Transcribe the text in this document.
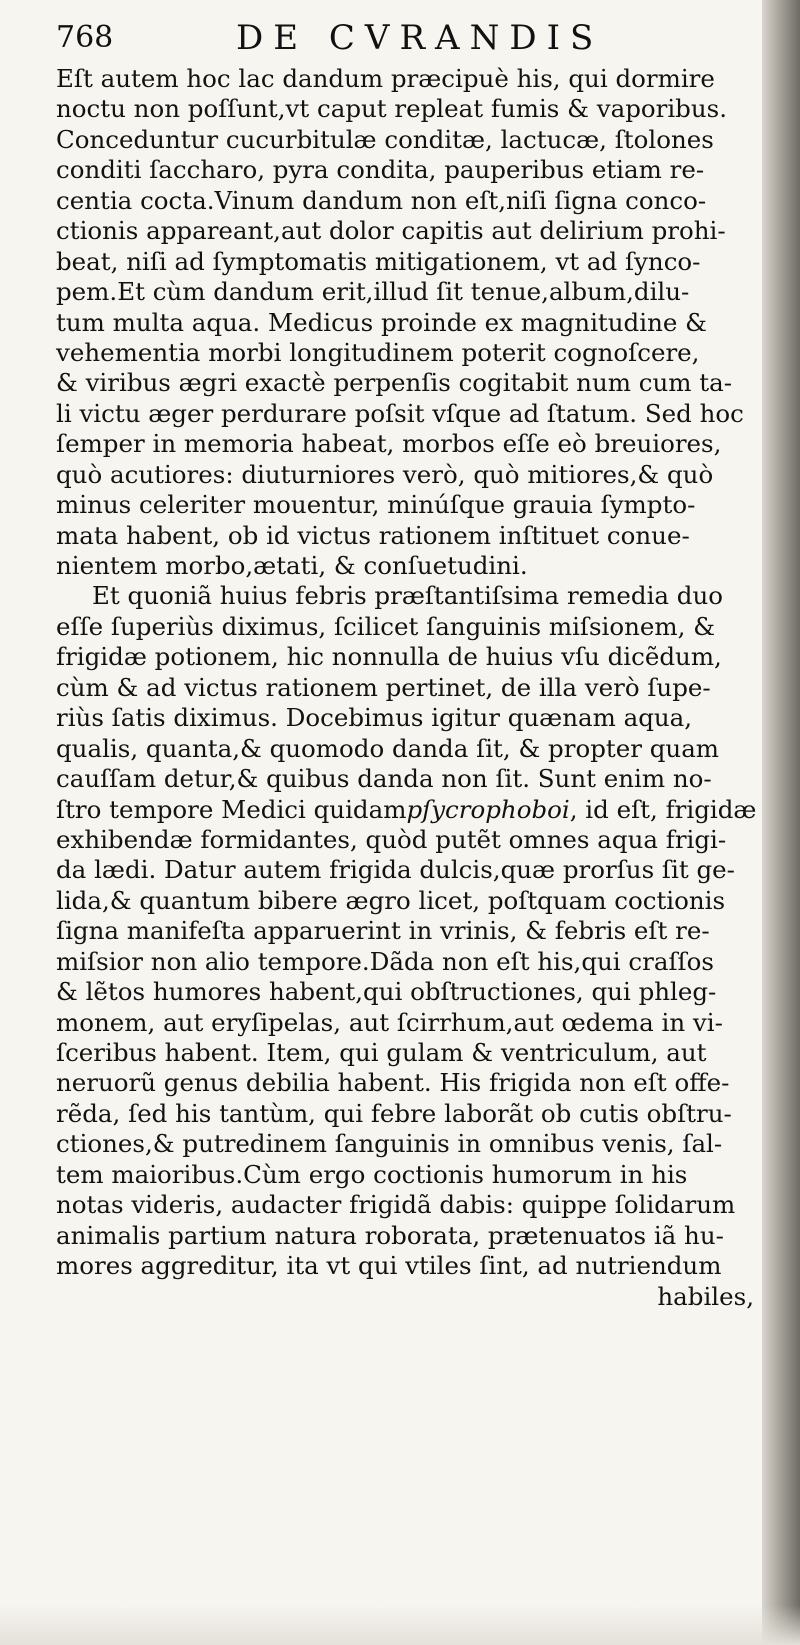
768	DE CVRANDIS
Eſt autem hoc lac dandum præcipuè his, qui dormire
noctu non poſſunt,vt caput repleat fumis & vaporibus.
Conceduntur cucurbitulæ conditæ, lactucæ, ſtolones
conditi ſaccharo, pyra condita, pauperibus etiam re-
centia cocta.Vinum dandum non eſt,niſi ſigna conco-
ctionis appareant,aut dolor capitis aut delirium prohi-
beat, niſi ad ſymptomatis mitigationem, vt ad ſynco-
pem.Et cùm dandum erit,illud ſit tenue,album,dilu-
tum multa aqua. Medicus proinde ex magnitudine &
vehementia morbi longitudinem poterit cognoſcere,
& viribus ægri exactè perpenſis cogitabit num cum ta-
li victu æger perdurare poſsit vſque ad ſtatum. Sed hoc
ſemper in memoria habeat, morbos eſſe eò breuiores,
quò acutiores: diuturniores verò, quò mitiores,& quò
minus celeriter mouentur, minúſque grauia ſympto-
mata habent, ob id victus rationem inſtituet conue-
nientem morbo,ætati, & conſuetudini.
Et quoniã huius febris præſtantiſsima remedia duo
eſſe ſuperiùs diximus, ſcilicet ſanguinis miſsionem, &
frigidæ potionem, hic nonnulla de huius vſu dicẽdum,
cùm & ad victus rationem pertinet, de illa verò ſupe-
riùs ſatis diximus. Docebimus igitur quænam aqua,
qualis, quanta,& quomodo danda ſit, & propter quam
cauſſam detur,& quibus danda non ſit. Sunt enim no-
ſtro tempore Medici quidampſycrophoboi, id eſt, frigidæ
exhibendæ formidantes, quòd putẽt omnes aqua frigi-
da lædi. Datur autem frigida dulcis,quæ prorſus ſit ge-
lida,& quantum bibere ægro licet, poſtquam coctionis
ſigna manifeſta apparuerint in vrinis, & febris eſt re-
miſsior non alio tempore.Dãda non eſt his,qui craſſos
& lẽtos humores habent,qui obſtructiones, qui phleg-
monem, aut eryſipelas, aut ſcirrhum,aut œdema in vi-
ſceribus habent. Item, qui gulam & ventriculum, aut
neruorũ genus debilia habent. His frigida non eſt offe-
rẽda, ſed his tantùm, qui febre laborãt ob cutis obſtru-
ctiones,& putredinem ſanguinis in omnibus venis, ſal-
tem maioribus.Cùm ergo coctionis humorum in his
notas videris, audacter frigidã dabis: quippe ſolidarum
animalis partium natura roborata, prætenuatos iã hu-
mores aggreditur, ita vt qui vtiles ſint, ad nutriendum
habiles,
